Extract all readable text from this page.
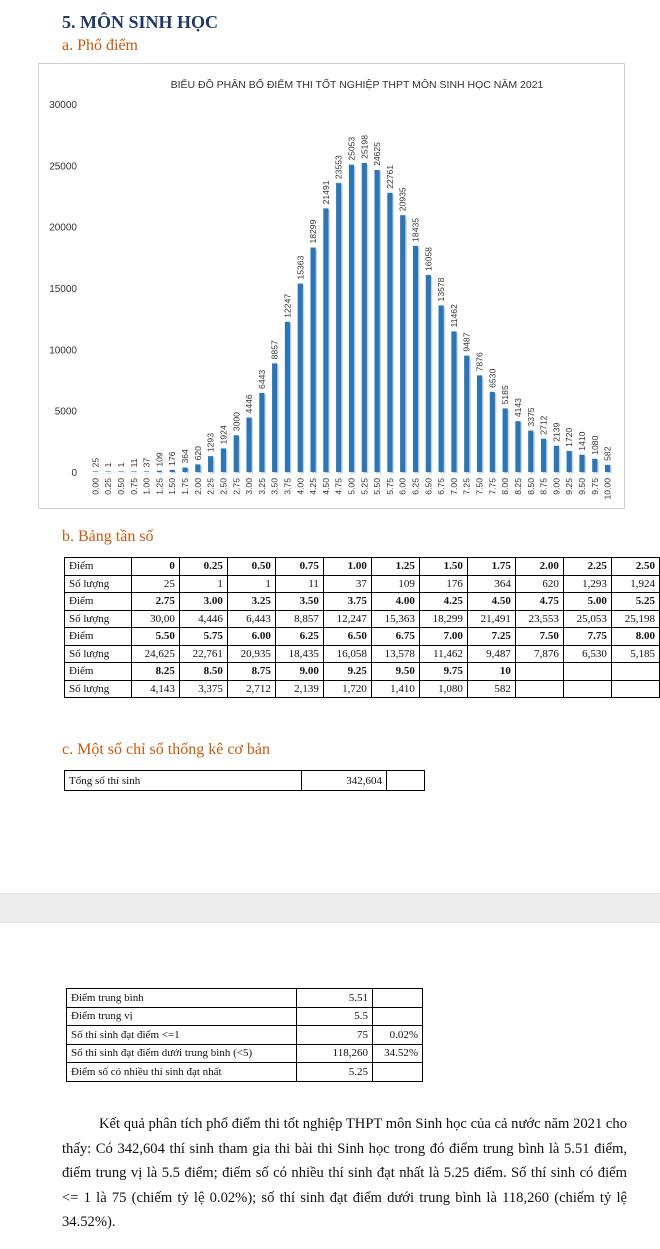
5. MÔN SINH HỌC
a. Phổ điểm
BIỂU ĐỒ PHÂN BỐ ĐIỂM THI TỐT NGHIỆP THPT MÔN SINH HỌC NĂM 2021
0
5000
10000
15000
20000
25000
30000
25
0.00
1
0.25
1
0.50
11
0.75
37
1.00
109
1.25
176
1.50
364
1.75
620
2.00
1293
2.25
1924
2.50
3000
2.75
4446
3.00
6443
3.25
8857
3.50
12247
3.75
15363
4.00
18299
4.25
21491
4.50
23553
4.75
25053
5.00
25198
5.25
24625
5.50
22761
5.75
20935
6.00
18435
6.25
16058
6.50
13578
6.75
11462
7.00
9487
7.25
7876
7.50
6530
7.75
5185
8.00
4143
8.25
3375
8.50
2712
8.75
2139
9.00
1720
9.25
1410
9.50
1080
9.75
582
10.00
b. Bảng tần số
Điểm	0	0.25	0.50	0.75	1.00	1.25	1.50	1.75	2.00	2.25	2.50
Số lượng	25	1	1	11	37	109	176	364	620	1,293	1,924
Điểm	2.75	3.00	3.25	3.50	3.75	4.00	4.25	4.50	4.75	5.00	5.25
Số lượng	30,00	4,446	6,443	8,857	12,247	15,363	18,299	21,491	23,553	25,053	25,198
Điểm	5.50	5.75	6.00	6.25	6.50	6.75	7.00	7.25	7.50	7.75	8.00
Số lượng	24,625	22,761	20,935	18,435	16,058	13,578	11,462	9,487	7,876	6,530	5,185
Điểm	8.25	8.50	8.75	9.00	9.25	9.50	9.75	10			
Số lượng	4,143	3,375	2,712	2,139	1,720	1,410	1,080	582			
c. Một số chỉ số thống kê cơ bản
Tổng số thí sinh	342,604	
Điểm trung bình	5.51	
Điểm trung vị	5.5	
Số thí sinh đạt điểm <=1	75	0.02%
Số thí sinh đạt điểm dưới trung bình (<5)	118,260	34.52%
Điểm số có nhiều thí sinh đạt nhất	5.25	
Kết quả phân tích phổ điểm thi tốt nghiệp THPT môn Sinh học của cả nước năm 2021 cho thấy: Có 342,604 thí sinh tham gia thi bài thi Sinh học trong đó điểm trung bình là 5.51 điểm, điểm trung vị là 5.5 điểm; điểm số có nhiều thí sinh đạt nhất là 5.25 điểm. Số thí sinh có điểm <= 1 là 75 (chiếm tỷ lệ 0.02%); số thí sinh đạt điểm dưới trung bình là 118,260 (chiếm tỷ lệ 34.52%).
